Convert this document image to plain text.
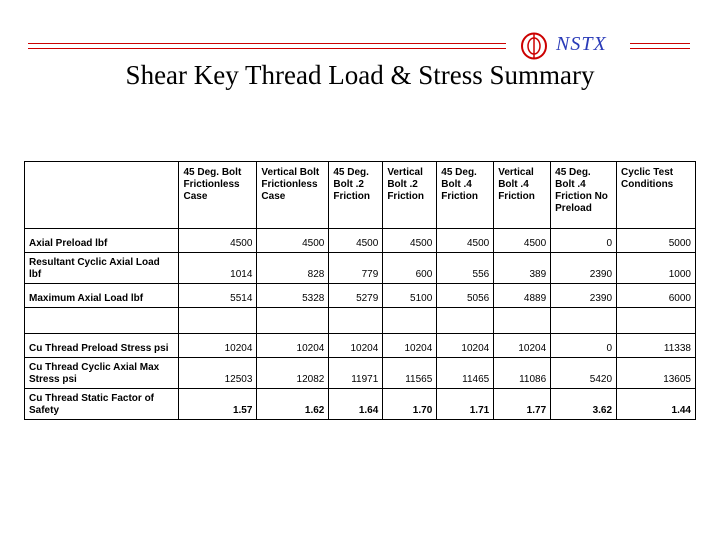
NSTX
Shear Key Thread Load & Stress Summary
	45 Deg. Bolt Frictionless Case	Vertical Bolt Frictionless Case	45 Deg. Bolt .2 Friction	Vertical Bolt .2 Friction	45 Deg. Bolt .4 Friction	Vertical Bolt .4 Friction	45 Deg. Bolt .4 Friction No Preload	Cyclic Test Conditions
Axial Preload lbf	4500	4500	4500	4500	4500	4500	0	5000
Resultant Cyclic Axial Load lbf	1014	828	779	600	556	389	2390	1000
Maximum Axial Load lbf	5514	5328	5279	5100	5056	4889	2390	6000

Cu Thread Preload Stress psi	10204	10204	10204	10204	10204	10204	0	11338
Cu Thread Cyclic Axial Max Stress psi	12503	12082	11971	11565	11465	11086	5420	13605
Cu Thread Static Factor of Safety	1.57	1.62	1.64	1.70	1.71	1.77	3.62	1.44
